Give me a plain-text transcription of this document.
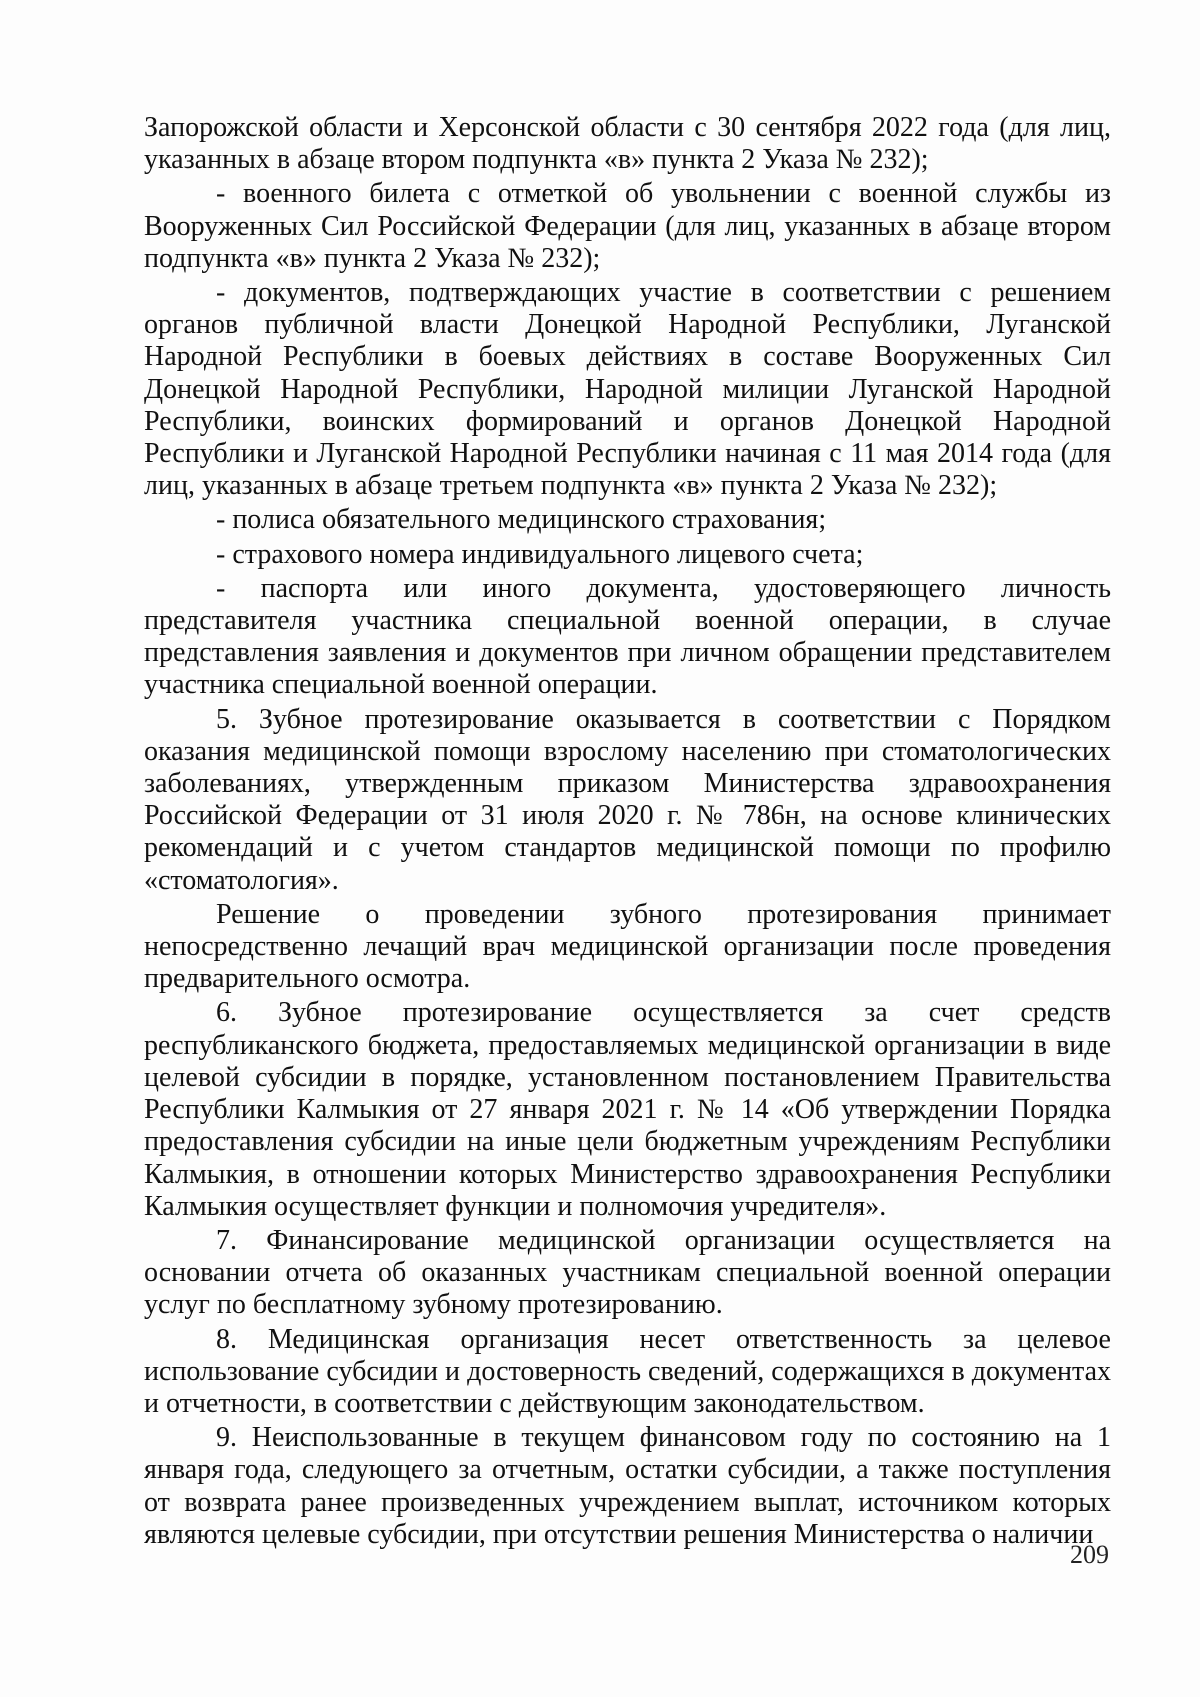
Запорожской области и Херсонской области с 30 сентября 2022 года (для лиц, указанных в абзаце втором подпункта «в» пункта 2 Указа № 232);

- военного билета с отметкой об увольнении с военной службы из Вооруженных Сил Российской Федерации (для лиц, указанных в абзаце втором подпункта «в» пункта 2 Указа № 232);

- документов, подтверждающих участие в соответствии с решением органов публичной власти Донецкой Народной Республики, Луганской Народной Республики в боевых действиях в составе Вооруженных Сил Донецкой Народной Республики, Народной милиции Луганской Народной Республики, воинских формирований и органов Донецкой Народной Республики и Луганской Народной Республики начиная с 11 мая 2014 года (для лиц, указанных в абзаце третьем подпункта «в» пункта 2 Указа № 232);

- полиса обязательного медицинского страхования;

- страхового номера индивидуального лицевого счета;

- паспорта или иного документа, удостоверяющего личность представителя участника специальной военной операции, в случае представления заявления и документов при личном обращении представителем участника специальной военной операции.

5. Зубное протезирование оказывается в соответствии с Порядком оказания медицинской помощи взрослому населению при стоматологических заболеваниях, утвержденным приказом Министерства здравоохранения Российской Федерации от 31 июля 2020 г. № 786н, на основе клинических рекомендаций и с учетом стандартов медицинской помощи по профилю «стоматология».

Решение о проведении зубного протезирования принимает непосредственно лечащий врач медицинской организации после проведения предварительного осмотра.

6. Зубное протезирование осуществляется за счет средств республиканского бюджета, предоставляемых медицинской организации в виде целевой субсидии в порядке, установленном постановлением Правительства Республики Калмыкия от 27 января 2021 г. № 14 «Об утверждении Порядка предоставления субсидии на иные цели бюджетным учреждениям Республики Калмыкия, в отношении которых Министерство здравоохранения Республики Калмыкия осуществляет функции и полномочия учредителя».

7. Финансирование медицинской организации осуществляется на основании отчета об оказанных участникам специальной военной операции услуг по бесплатному зубному протезированию.

8. Медицинская организация несет ответственность за целевое использование субсидии и достоверность сведений, содержащихся в документах и отчетности, в соответствии с действующим законодательством.

9. Неиспользованные в текущем финансовом году по состоянию на 1 января года, следующего за отчетным, остатки субсидии, а также поступления от возврата ранее произведенных учреждением выплат, источником которых являются целевые субсидии, при отсутствии решения Министерства о наличии

209
